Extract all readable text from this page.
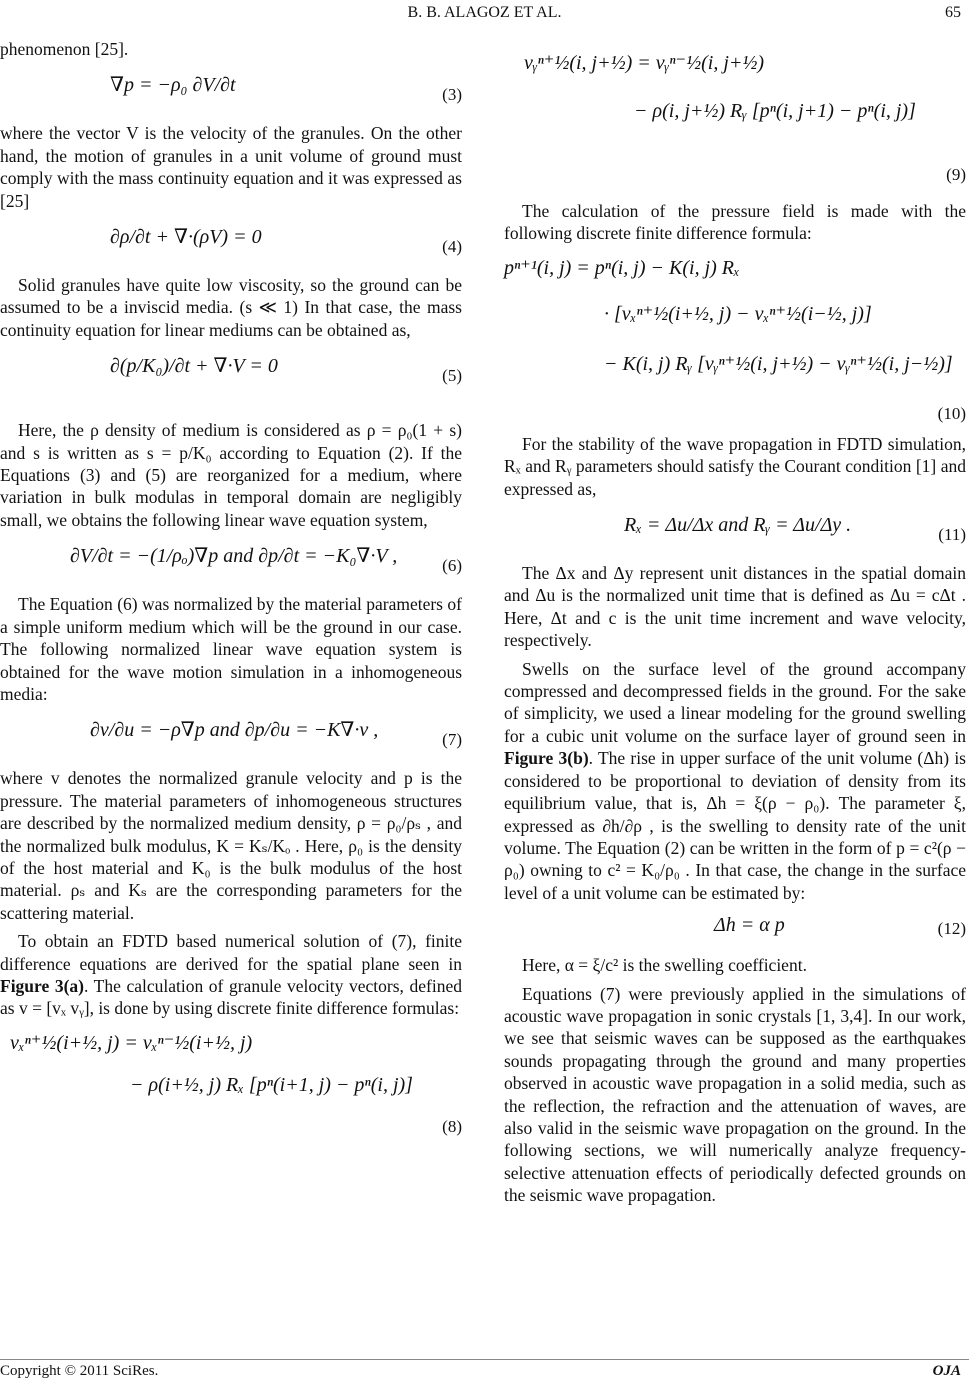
B. B. ALAGOZ ET AL.	65

phenomenon [25].

∇p = −ρ₀ ∂V/∂t	(3)

where the vector V is the velocity of the granules. On the other hand, the motion of granules in a unit volume of ground must comply with the mass continuity equation and it was expressed as [25]

∂ρ/∂t + ∇·(ρV) = 0	(4)

Solid granules have quite low viscosity, so the ground can be assumed to be a inviscid media. (s ≪ 1) In that case, the mass continuity equation for linear mediums can be obtained as,

∂(p/K₀)/∂t + ∇·V = 0	(5)

Here, the ρ density of medium is considered as ρ = ρ₀(1 + s) and s is written as s = p/K₀ according to Equation (2). If the Equations (3) and (5) are reorganized for a medium, where variation in bulk modulas in temporal domain are negligibly small, we obtains the following linear wave equation system,

∂V/∂t = −(1/ρₒ)∇p and ∂p/∂t = −K₀∇·V ,	(6)

The Equation (6) was normalized by the material parameters of a simple uniform medium which will be the ground in our case. The following normalized linear wave equation system is obtained for the wave motion simulation in a inhomogeneous media:

∂v/∂u = −ρ∇p and ∂p/∂u = −K∇·v ,	(7)

where v denotes the normalized granule velocity and p is the pressure. The material parameters of inhomogeneous structures are described by the normalized medium density, ρ = ρ₀/ρₛ , and the normalized bulk modulus, K = Kₛ/Kₒ . Here, ρ₀ is the density of the host material and K₀ is the bulk modulus of the host material. ρₛ and Kₛ are the corresponding parameters for the scattering material.

To obtain an FDTD based numerical solution of (7), finite difference equations are derived for the spatial plane seen in Figure 3(a). The calculation of granule velocity vectors, defined as v = [vₓ vᵧ], is done by using discrete finite difference formulas:

vₓⁿ⁺½(i+½, j) = vₓⁿ⁻½(i+½, j)
− ρ(i+½, j) Rₓ [pⁿ(i+1, j) − pⁿ(i, j)]
(8)
vᵧⁿ⁺½(i, j+½) = vᵧⁿ⁻½(i, j+½)
− ρ(i, j+½) Rᵧ [pⁿ(i, j+1) − pⁿ(i, j)]
(9)

The calculation of the pressure field is made with the following discrete finite difference formula:

pⁿ⁺¹(i, j) = pⁿ(i, j) − K(i, j) Rₓ
· [vₓⁿ⁺½(i+½, j) − vₓⁿ⁺½(i−½, j)]
− K(i, j) Rᵧ [vᵧⁿ⁺½(i, j+½) − vᵧⁿ⁺½(i, j−½)]
(10)

For the stability of the wave propagation in FDTD simulation, Rₓ and Rᵧ parameters should satisfy the Courant condition [1] and expressed as,

Rₓ = Δu/Δx and Rᵧ = Δu/Δy .	(11)

The Δx and Δy represent unit distances in the spatial domain and Δu is the normalized unit time that is defined as Δu = cΔt . Here, Δt and c is the unit time increment and wave velocity, respectively.

Swells on the surface level of the ground accompany compressed and decompressed fields in the ground. For the sake of simplicity, we used a linear modeling for the ground swelling for a cubic unit volume on the surface layer of ground seen in Figure 3(b). The rise in upper surface of the unit volume (Δh) is considered to be proportional to deviation of density from its equilibrium value, that is, Δh = ξ(ρ − ρ₀). The parameter ξ, expressed as ∂h/∂ρ , is the swelling to density rate of the unit volume. The Equation (2) can be written in the form of p = c²(ρ − ρ₀) owning to c² = K₀/ρ₀ . In that case, the change in the surface level of a unit volume can be estimated by:

Δh = α p	(12)

Here, α = ξ/c² is the swelling coefficient.

Equations (7) were previously applied in the simulations of acoustic wave propagation in sonic crystals [1, 3,4]. In our work, we see that seismic waves can be supposed as the earthquakes sounds propagating through the ground and many properties observed in acoustic wave propagation in a solid media, such as the reflection, the refraction and the attenuation of waves, are also valid in the seismic wave propagation on the ground. In the following sections, we will numerically analyze frequency-selective attenuation effects of periodically defected grounds on the seismic wave propagation.

Copyright © 2011 SciRes.	OJA
